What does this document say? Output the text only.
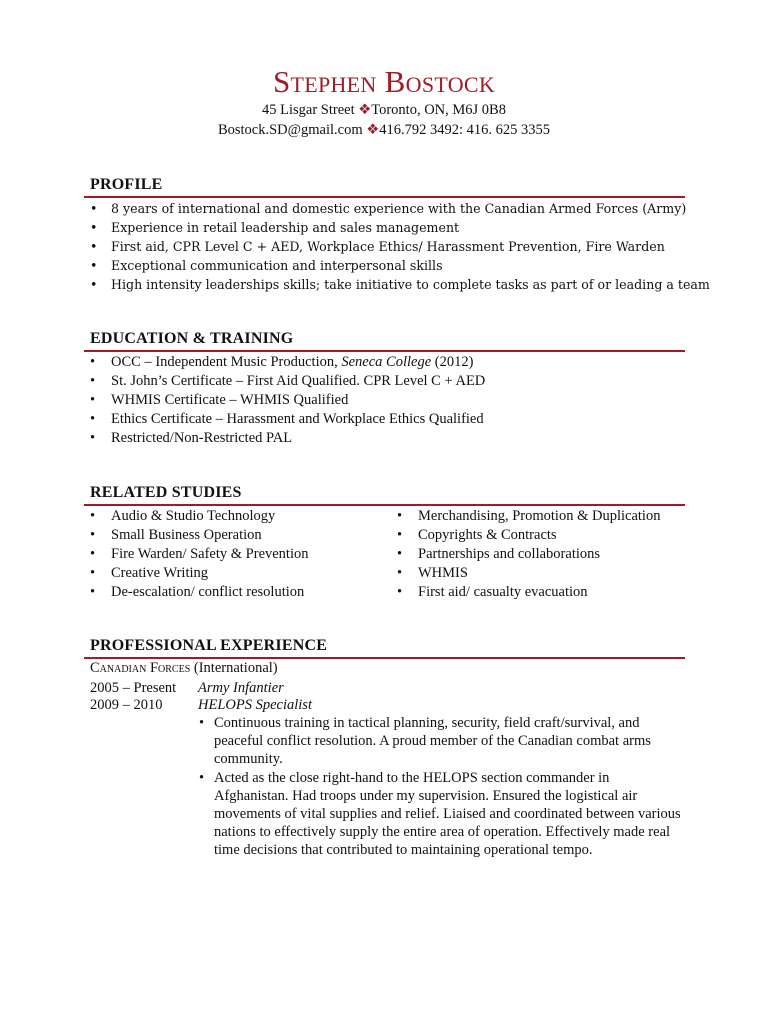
Stephen Bostock
45 Lisgar Street ❖Toronto, ON, M6J 0B8
Bostock.SD@gmail.com ❖416.792 3492: 416. 625 3355
PROFILE
• 8 years of international and domestic experience with the Canadian Armed Forces (Army)
• Experience in retail leadership and sales management
• First aid, CPR Level C + AED, Workplace Ethics/ Harassment Prevention, Fire Warden
• Exceptional communication and interpersonal skills
• High intensity leaderships skills; take initiative to complete tasks as part of or leading a team
EDUCATION & TRAINING
• OCC – Independent Music Production, Seneca College (2012)
• St. John’s Certificate – First Aid Qualified. CPR Level C + AED
• WHMIS Certificate – WHMIS Qualified
• Ethics Certificate – Harassment and Workplace Ethics Qualified
• Restricted/Non-Restricted PAL
RELATED STUDIES
• Audio & Studio Technology
• Small Business Operation
• Fire Warden/ Safety & Prevention
• Creative Writing
• De-escalation/ conflict resolution
• Merchandising, Promotion & Duplication
• Copyrights & Contracts
• Partnerships and collaborations
• WHMIS
• First aid/ casualty evacuation
PROFESSIONAL EXPERIENCE
Canadian Forces (International)
2005 – Present Army Infantier
2009 – 2010 HELOPS Specialist
• Continuous training in tactical planning, security, field craft/survival, and peaceful conflict resolution. A proud member of the Canadian combat arms community.
• Acted as the close right-hand to the HELOPS section commander in Afghanistan. Had troops under my supervision. Ensured the logistical air movements of vital supplies and relief. Liaised and coordinated between various nations to effectively supply the entire area of operation. Effectively made real time decisions that contributed to maintaining operational tempo.
